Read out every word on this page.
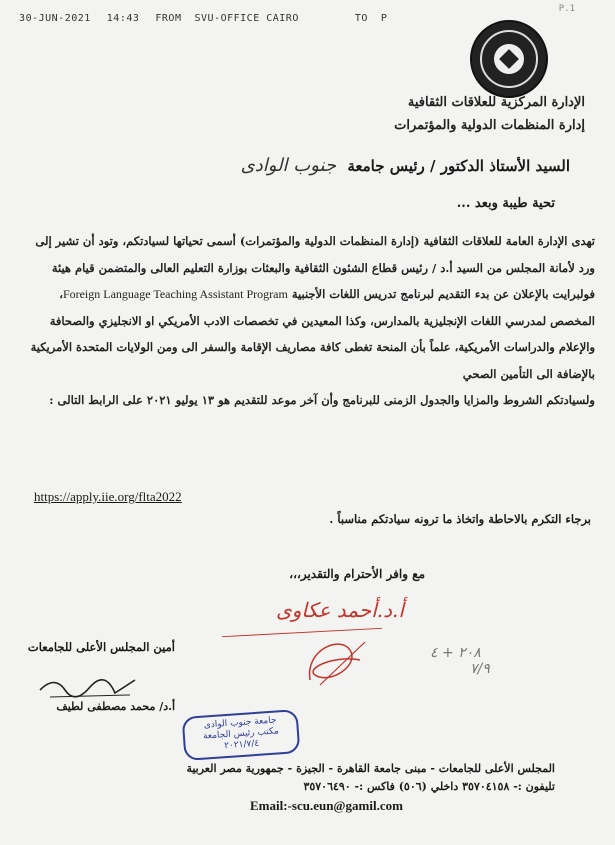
30-JUN-2021 14:43 FROM  SVU-OFFICE CAIRO	TO  P

P.1
الإدارة المركزية للعلاقات الثقافية
إدارة المنظمات الدولية والمؤتمرات
السيد الأستاذ الدكتور / رئيس جامعة جنوب الوادى
تحية طيبة وبعد ...

تهدى الإدارة العامة للعلاقات الثقافية (إدارة المنظمات الدولية والمؤتمرات) أسمى تحياتها لسيادتكم، وتود أن تشير إلى ورد لأمانة المجلس من السيد أ.د / رئيس قطاع الشئون الثقافية والبعثات بوزارة التعليم العالى والمتضمن قيام هيئة فولبرايت بالإعلان عن بدء التقديم لبرنامج تدريس اللغات الأجنبية Foreign Language Teaching Assistant Program، المخصص لمدرسي اللغات الإنجليزية بالمدارس، وكذا المعيدين في تخصصات الادب الأمريكي او الانجليزي والصحافة والإعلام والدراسات الأمريكية، علماً بأن المنحة تغطى كافة مصاريف الإقامة والسفر الى ومن الولايات المتحدة الأمريكية بالإضافة الى التأمين الصحي

ولسيادتكم الشروط والمزايا والجدول الزمنى للبرنامج وأن آخر موعد للتقديم هو ١٣ يوليو ٢٠٢١ على الرابط التالى :

https://apply.iie.org/flta2022
برجاء التكرم بالاحاطة واتخاذ ما ترونه سيادتكم مناسباً .
مع وافر الأحترام والتقدير،،،
أ.د.أحمد عكاوى
أمين المجلس الأعلى للجامعات
أ.د/ محمد مصطفى لطيف
جامعة جنوب الوادى
مكتب رئيس الجامعة
٢٠٢١/٧/٤
٢٠٨ + ٤
٧/٩
المجلس الأعلى للجامعات - مبنى جامعة القاهرة - الجيزة - جمهورية مصر العربية
تليفون :- ٣٥٧٠٤١٥٨ داخلي (٥٠٦) فاكس :- ٣٥٧٠٦٤٩٠
Email:-scu.eun@gamil.com
